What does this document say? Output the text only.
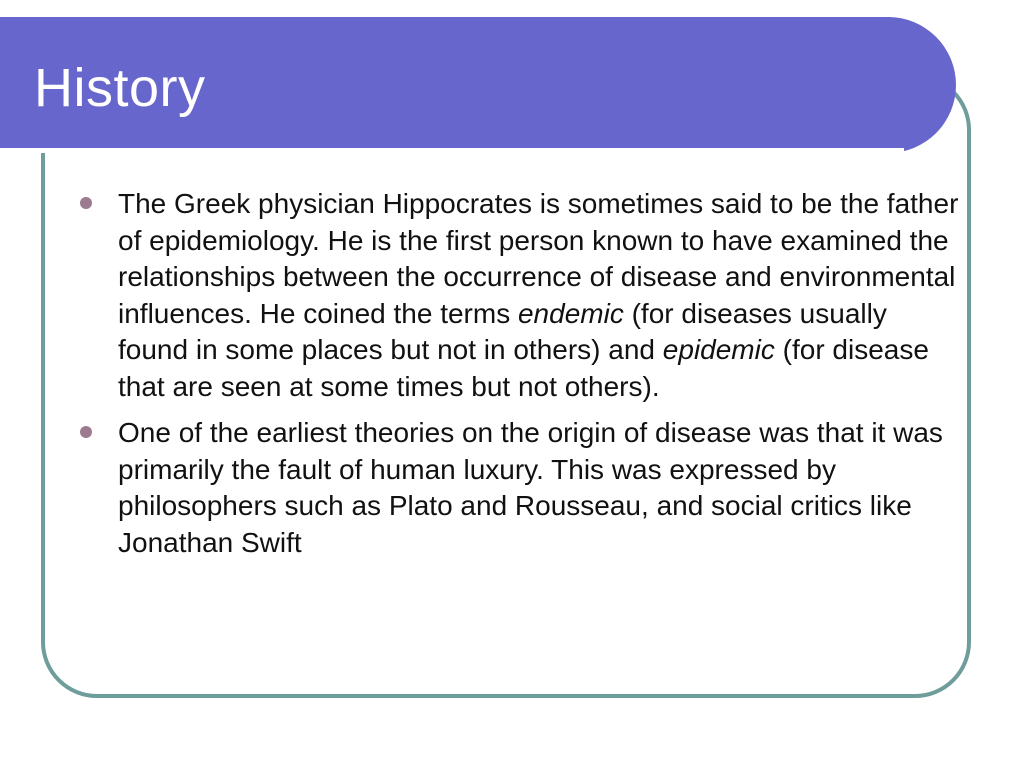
History
The Greek physician Hippocrates is sometimes said to be the father of epidemiology. He is the first person known to have examined the relationships between the occurrence of disease and environmental influences. He coined the terms endemic (for diseases usually found in some places but not in others) and epidemic (for disease that are seen at some times but not others).
One of the earliest theories on the origin of disease was that it was primarily the fault of human luxury. This was expressed by philosophers such as Plato and Rousseau, and social critics like Jonathan Swift
